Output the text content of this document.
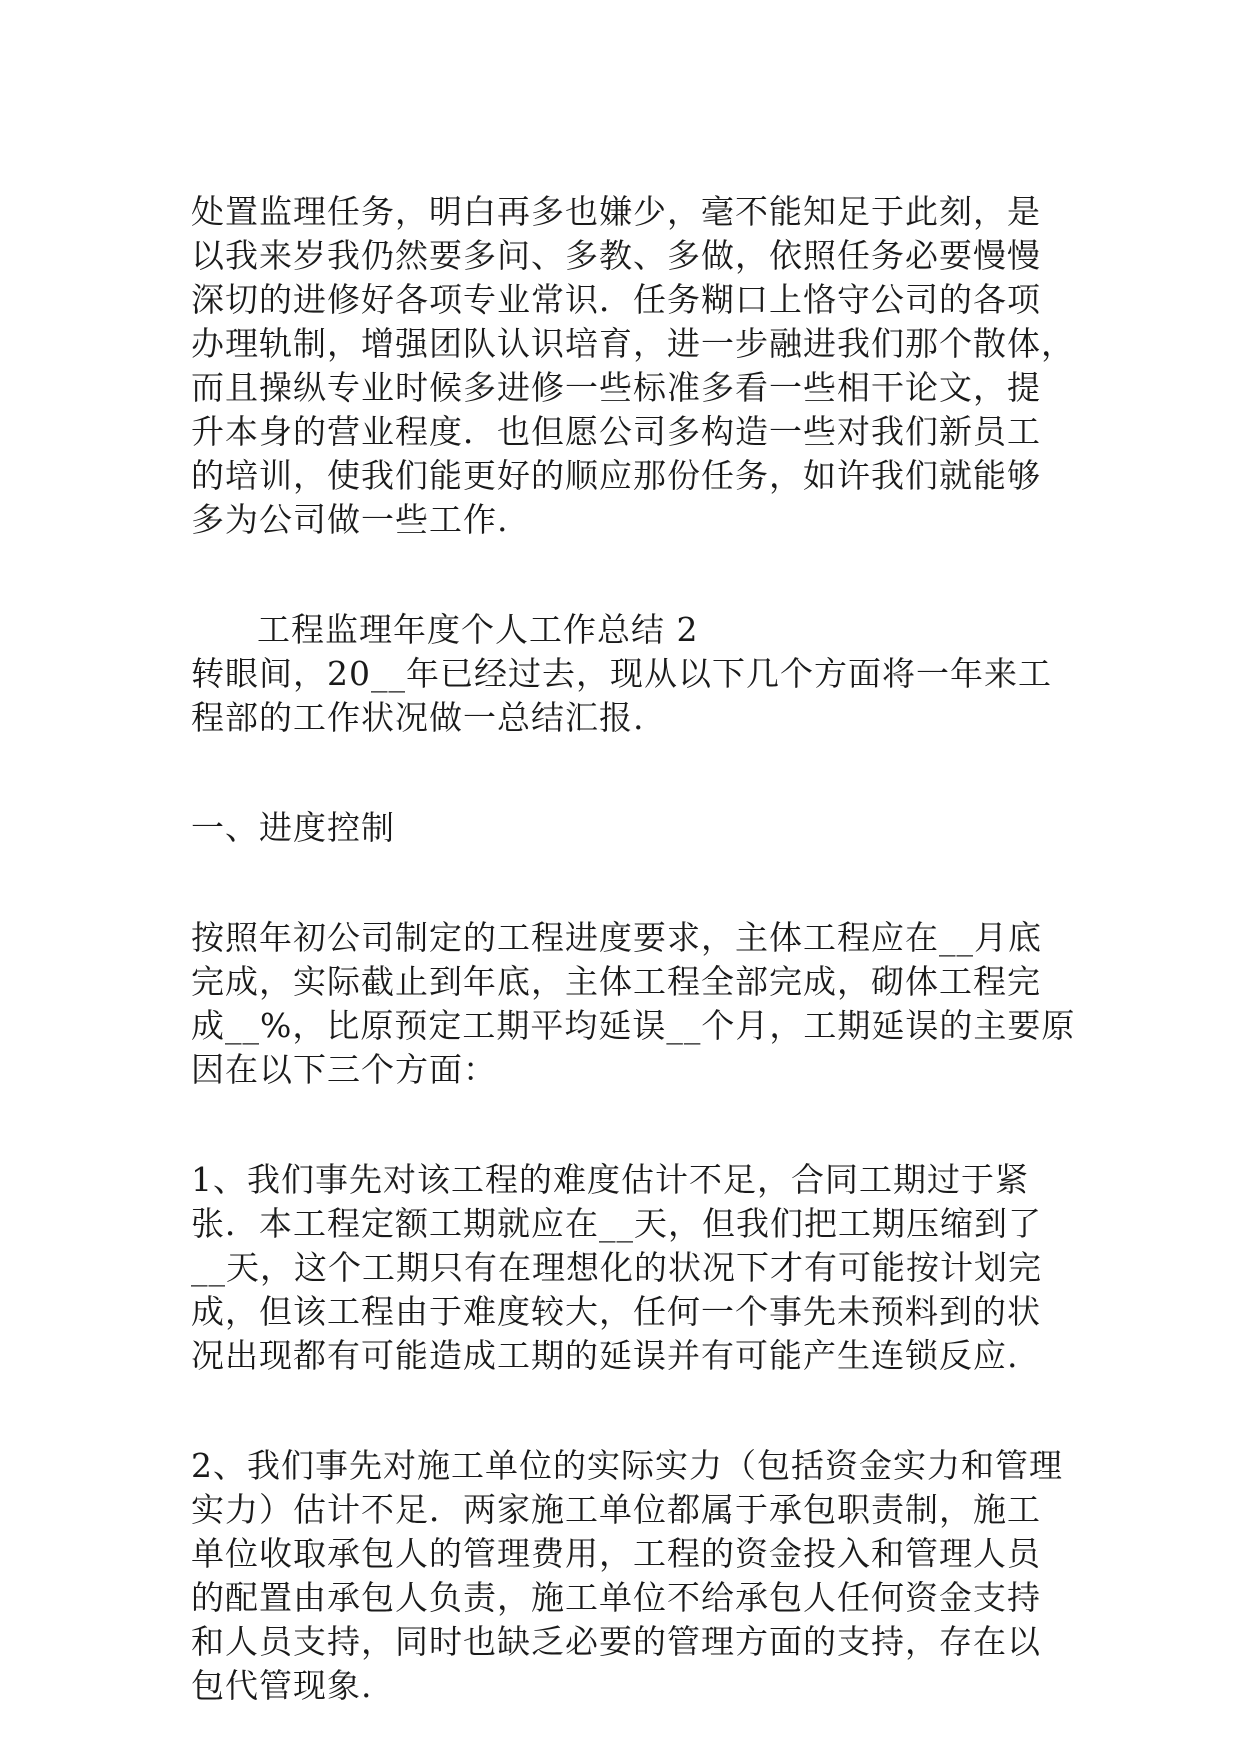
处置监理任务，明白再多也嫌少，毫不能知足于此刻，是
以我来岁我仍然要多问、多教、多做，依照任务必要慢慢
深切的进修好各项专业常识．任务糊口上恪守公司的各项
办理轨制，增强团队认识培育，进一步融进我们那个散体，
而且操纵专业时候多进修一些标准多看一些相干论文，提
升本身的营业程度．也但愿公司多构造一些对我们新员工
的培训，使我们能更好的顺应那份任务，如许我们就能够
多为公司做一些工作.
工程监理年度个人工作总结 2
转眼间，20__年已经过去，现从以下几个方面将一年来工
程部的工作状况做一总结汇报.
一、进度控制
按照年初公司制定的工程进度要求，主体工程应在__月底
完成，实际截止到年底，主体工程全部完成，砌体工程完
成__%，比原预定工期平均延误__个月，工期延误的主要原
因在以下三个方面：
1、我们事先对该工程的难度估计不足，合同工期过于紧
张．本工程定额工期就应在__天，但我们把工期压缩到了
__天，这个工期只有在理想化的状况下才有可能按计划完
成，但该工程由于难度较大，任何一个事先未预料到的状
况出现都有可能造成工期的延误并有可能产生连锁反应.
2、我们事先对施工单位的实际实力（包括资金实力和管理
实力）估计不足．两家施工单位都属于承包职责制，施工
单位收取承包人的管理费用，工程的资金投入和管理人员
的配置由承包人负责，施工单位不给承包人任何资金支持
和人员支持，同时也缺乏必要的管理方面的支持，存在以
包代管现象.
